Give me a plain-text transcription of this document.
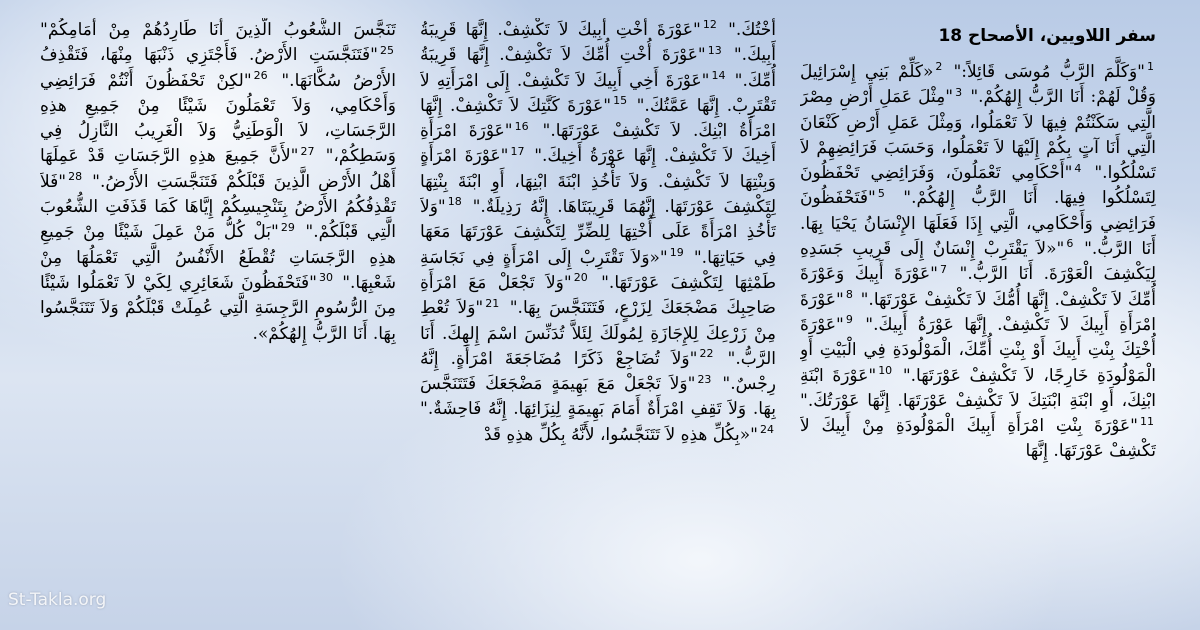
سفر اللاويين، الأصحاح 18
$^1$"وَكَلَّمَ الرَّبُّ مُوسَى قَائِلاً:" $^2$«كَلِّمْ بَنِي إِسْرَائِيلَ وَقُلْ لَهُمْ: أَنَا الرَّبُّ إِلهُكُمْ." $^3$"مِثْلَ عَمَلِ أَرْضِ مِصْرَ الَّتِي سَكَنْتُمْ فِيهَا لاَ تَعْمَلُوا، وَمِثْلَ عَمَلِ أَرْضِ كَنْعَانَ الَّتِي أَنَا آتٍ بِكُمْ إِلَيْهَا لاَ تَعْمَلُوا، وَحَسَبَ فَرَائِضِهِمْ لاَ تَسْلُكُوا." $^4$"أَحْكَامِي تَعْمَلُونَ، وَفَرَائِضِي تَحْفَظُونَ لِتَسْلُكُوا فِيهَا. أَنَا الرَّبُّ إِلهُكُمْ." $^5$"فَتَحْفَظُونَ فَرَائِضِي وَأَحْكَامِي، الَّتِي إِذَا فَعَلَهَا الإِنْسَانُ يَحْيَا بِهَا. أَنَا الرَّبُّ." $^6$"«لاَ يَقْتَرِبْ إِنْسَانٌ إِلَى قَرِيبِ جَسَدِهِ لِيَكْشِفَ الْعَوْرَةَ. أَنَا الرَّبُّ." $^7$"عَوْرَةَ أَبِيكَ وَعَوْرَةَ أُمِّكَ لاَ تَكْشِفْ. إِنَّهَا أُمُّكَ لاَ تَكْشِفْ عَوْرَتَهَا." $^8$"عَوْرَةَ امْرَأَةِ أَبِيكَ لاَ تَكْشِفْ. إِنَّهَا عَوْرَةُ أَبِيكَ." $^9$"عَوْرَةَ أُخْتِكَ بِنْتِ أَبِيكَ أَوْ بِنْتِ أُمِّكَ، الْمَوْلُودَةِ فِي الْبَيْتِ أَوِ الْمَوْلُودَةِ خَارِجًا، لاَ تَكْشِفْ عَوْرَتَهَا." $^{10}$"عَوْرَةَ ابْنَةِ ابْنِكَ، أَوِ ابْنَةِ ابْنَتِكَ لاَ تَكْشِفْ عَوْرَتَهَا. إِنَّهَا عَوْرَتُكَ." $^{11}$"عَوْرَةَ بِنْتِ امْرَأَةِ أَبِيكَ الْمَوْلُودَةِ مِنْ أَبِيكَ لاَ تَكْشِفْ عَوْرَتَهَا. إِنَّهَا
أُخْتُكَ." $^{12}$"عَوْرَةَ أُخْتِ أَبِيكَ لاَ تَكْشِفْ. إِنَّهَا قَرِيبَةُ أَبِيكَ." $^{13}$"عَوْرَةَ أُخْتِ أُمِّكَ لاَ تَكْشِفْ. إِنَّهَا قَرِيبَةُ أُمِّكَ." $^{14}$"عَوْرَةَ أَخِي أَبِيكَ لاَ تَكْشِفْ. إِلَى امْرَأَتِهِ لاَ تَقْتَرِبْ. إِنَّهَا عَمَّتُكَ." $^{15}$"عَوْرَةَ كَنَّتِكَ لاَ تَكْشِفْ. إِنَّهَا امْرَأَةُ ابْنِكَ. لاَ تَكْشِفْ عَوْرَتَهَا." $^{16}$"عَوْرَةَ امْرَأَةِ أَخِيكَ لاَ تَكْشِفْ. إِنَّهَا عَوْرَةُ أَخِيكَ." $^{17}$"عَوْرَةَ امْرَأَةٍ وَبِنْتِهَا لاَ تَكْشِفْ. وَلاَ تَأْخُذِ ابْنَةَ ابْنِهَا، أَوِ ابْنَةَ بِنْتِهَا لِتَكْشِفَ عَوْرَتَهَا. إِنَّهُمَا قَرِيبَتَاهَا. إِنَّهُ رَذِيلَةٌ." $^{18}$"وَلاَ تَأْخُذِ امْرَأَةً عَلَى أُخْتِهَا لِلضِّرِّ لِتَكْشِفَ عَوْرَتَهَا مَعَهَا فِي حَيَاتِهَا." $^{19}$"«وَلاَ تَقْتَرِبْ إِلَى امْرَأَةٍ فِي نَجَاسَةِ طَمْثِهَا لِتَكْشِفَ عَوْرَتَهَا." $^{20}$"وَلاَ تَجْعَلْ مَعَ امْرَأَةِ صَاحِبِكَ مَضْجَعَكَ لِزَرْعٍ، فَتَتَنَجَّسَ بِهَا." $^{21}$"وَلاَ تُعْطِ مِنْ زَرْعِكَ لِلإِجَازَةِ لِمُولَكَ لِئَلاَّ تُدَنِّسَ اسْمَ إِلهِكَ. أَنَا الرَّبُّ." $^{22}$"وَلاَ تُضَاجِعْ ذَكَرًا مُضَاجَعَةَ امْرَأَةٍ. إِنَّهُ رِجْسٌ." $^{23}$"وَلاَ تَجْعَلْ مَعَ بَهِيمَةٍ مَضْجَعَكَ فَتَتَنَجَّسَ بِهَا. وَلاَ تَقِفِ امْرَأَةٌ أَمَامَ بَهِيمَةٍ لِنِزَائِهَا. إِنَّهُ فَاحِشَةٌ." $^{24}$"«بِكُلِّ هذِهِ لاَ تَتَنَجَّسُوا، لأَنَّهُ بِكُلِّ هذِهِ قَدْ
تَنَجَّسَ الشُّعُوبُ الَّذِينَ أَنَا طَارِدُهُمْ مِنْ أَمَامِكُمْ" $^{25}$"فَتَنَجَّسَتِ الأَرْضُ. فَأَجْتَزِي ذَنْبَهَا مِنْهَا، فَتَقْذِفُ الأَرْضُ سُكَّانَهَا." $^{26}$"لكِنْ تَحْفَظُونَ أَنْتُمْ فَرَائِضِي وَأَحْكَامِي، وَلاَ تَعْمَلُونَ شَيْئًا مِنْ جَمِيعِ هذِهِ الرَّجَسَاتِ، لاَ الْوَطَنِيُّ وَلاَ الْغَرِيبُ النَّازِلُ فِي وَسَطِكُمْ،" $^{27}$"لأَنَّ جَمِيعَ هذِهِ الرَّجَسَاتِ قَدْ عَمِلَهَا أَهْلُ الأَرْضِ الَّذِينَ قَبْلَكُمْ فَتَنَجَّسَتِ الأَرْضُ." $^{28}$"فَلاَ تَقْذِفُكُمُ الأَرْضُ بِتَنْجِيسِكُمْ إِيَّاهَا كَمَا قَذَفَتِ الشُّعُوبَ الَّتِي قَبْلَكُمْ." $^{29}$"بَلْ كُلُّ مَنْ عَمِلَ شَيْئًا مِنْ جَمِيعِ هذِهِ الرَّجَسَاتِ تُقْطَعُ الأَنْفُسُ الَّتِي تَعْمَلُهَا مِنْ شَعْبِهَا." $^{30}$"فَتَحْفَظُونَ شَعَائِرِي لِكَيْ لاَ تَعْمَلُوا شَيْئًا مِنَ الرُّسُومِ الرَّجِسَةِ الَّتِي عُمِلَتْ قَبْلَكُمْ وَلاَ تَتَنَجَّسُوا بِهَا. أَنَا الرَّبُّ إِلهُكُمْ».
St-Takla.org
